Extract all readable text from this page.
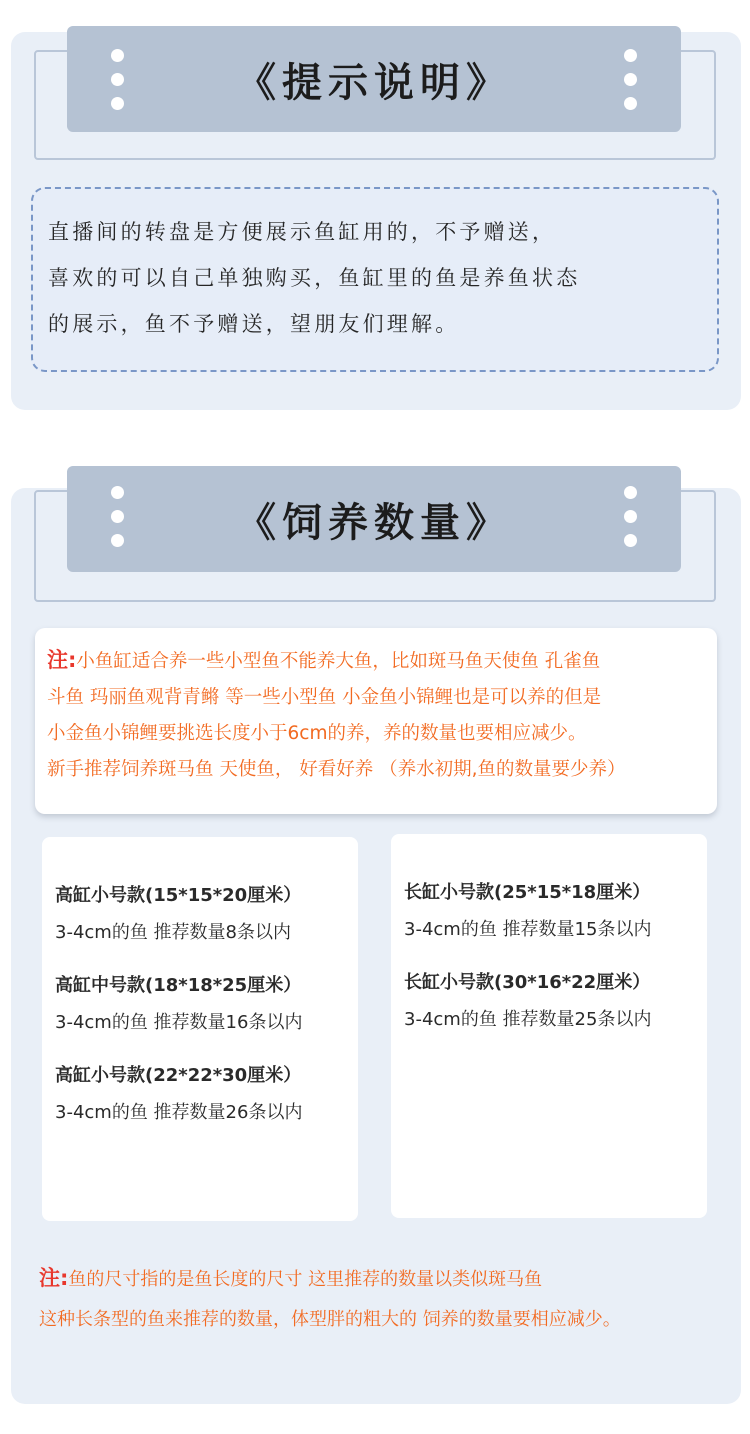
《提示说明》

直播间的转盘是方便展示鱼缸用的，不予赠送，

喜欢的可以自己单独购买，鱼缸里的鱼是养鱼状态

的展示，鱼不予赠送，望朋友们理解。

《饲养数量》

注:小鱼缸适合养一些小型鱼不能养大鱼，比如斑马鱼天使鱼 孔雀鱼

斗鱼 玛丽鱼观背青鳉 等一些小型鱼 小金鱼小锦鲤也是可以养的但是

小金鱼小锦鲤要挑选长度小于6cm的养，养的数量也要相应减少。

新手推荐饲养斑马鱼 天使鱼， 好看好养 （养水初期,鱼的数量要少养）

高缸小号款(15*15*20厘米）
3-4cm的鱼 推荐数量8条以内
高缸中号款(18*18*25厘米）
3-4cm的鱼 推荐数量16条以内
高缸小号款(22*22*30厘米）
3-4cm的鱼 推荐数量26条以内
长缸小号款(25*15*18厘米）
3-4cm的鱼 推荐数量15条以内
长缸小号款(30*16*22厘米）
3-4cm的鱼 推荐数量25条以内

注:鱼的尺寸指的是鱼长度的尺寸 这里推荐的数量以类似斑马鱼

这种长条型的鱼来推荐的数量，体型胖的粗大的 饲养的数量要相应减少。
